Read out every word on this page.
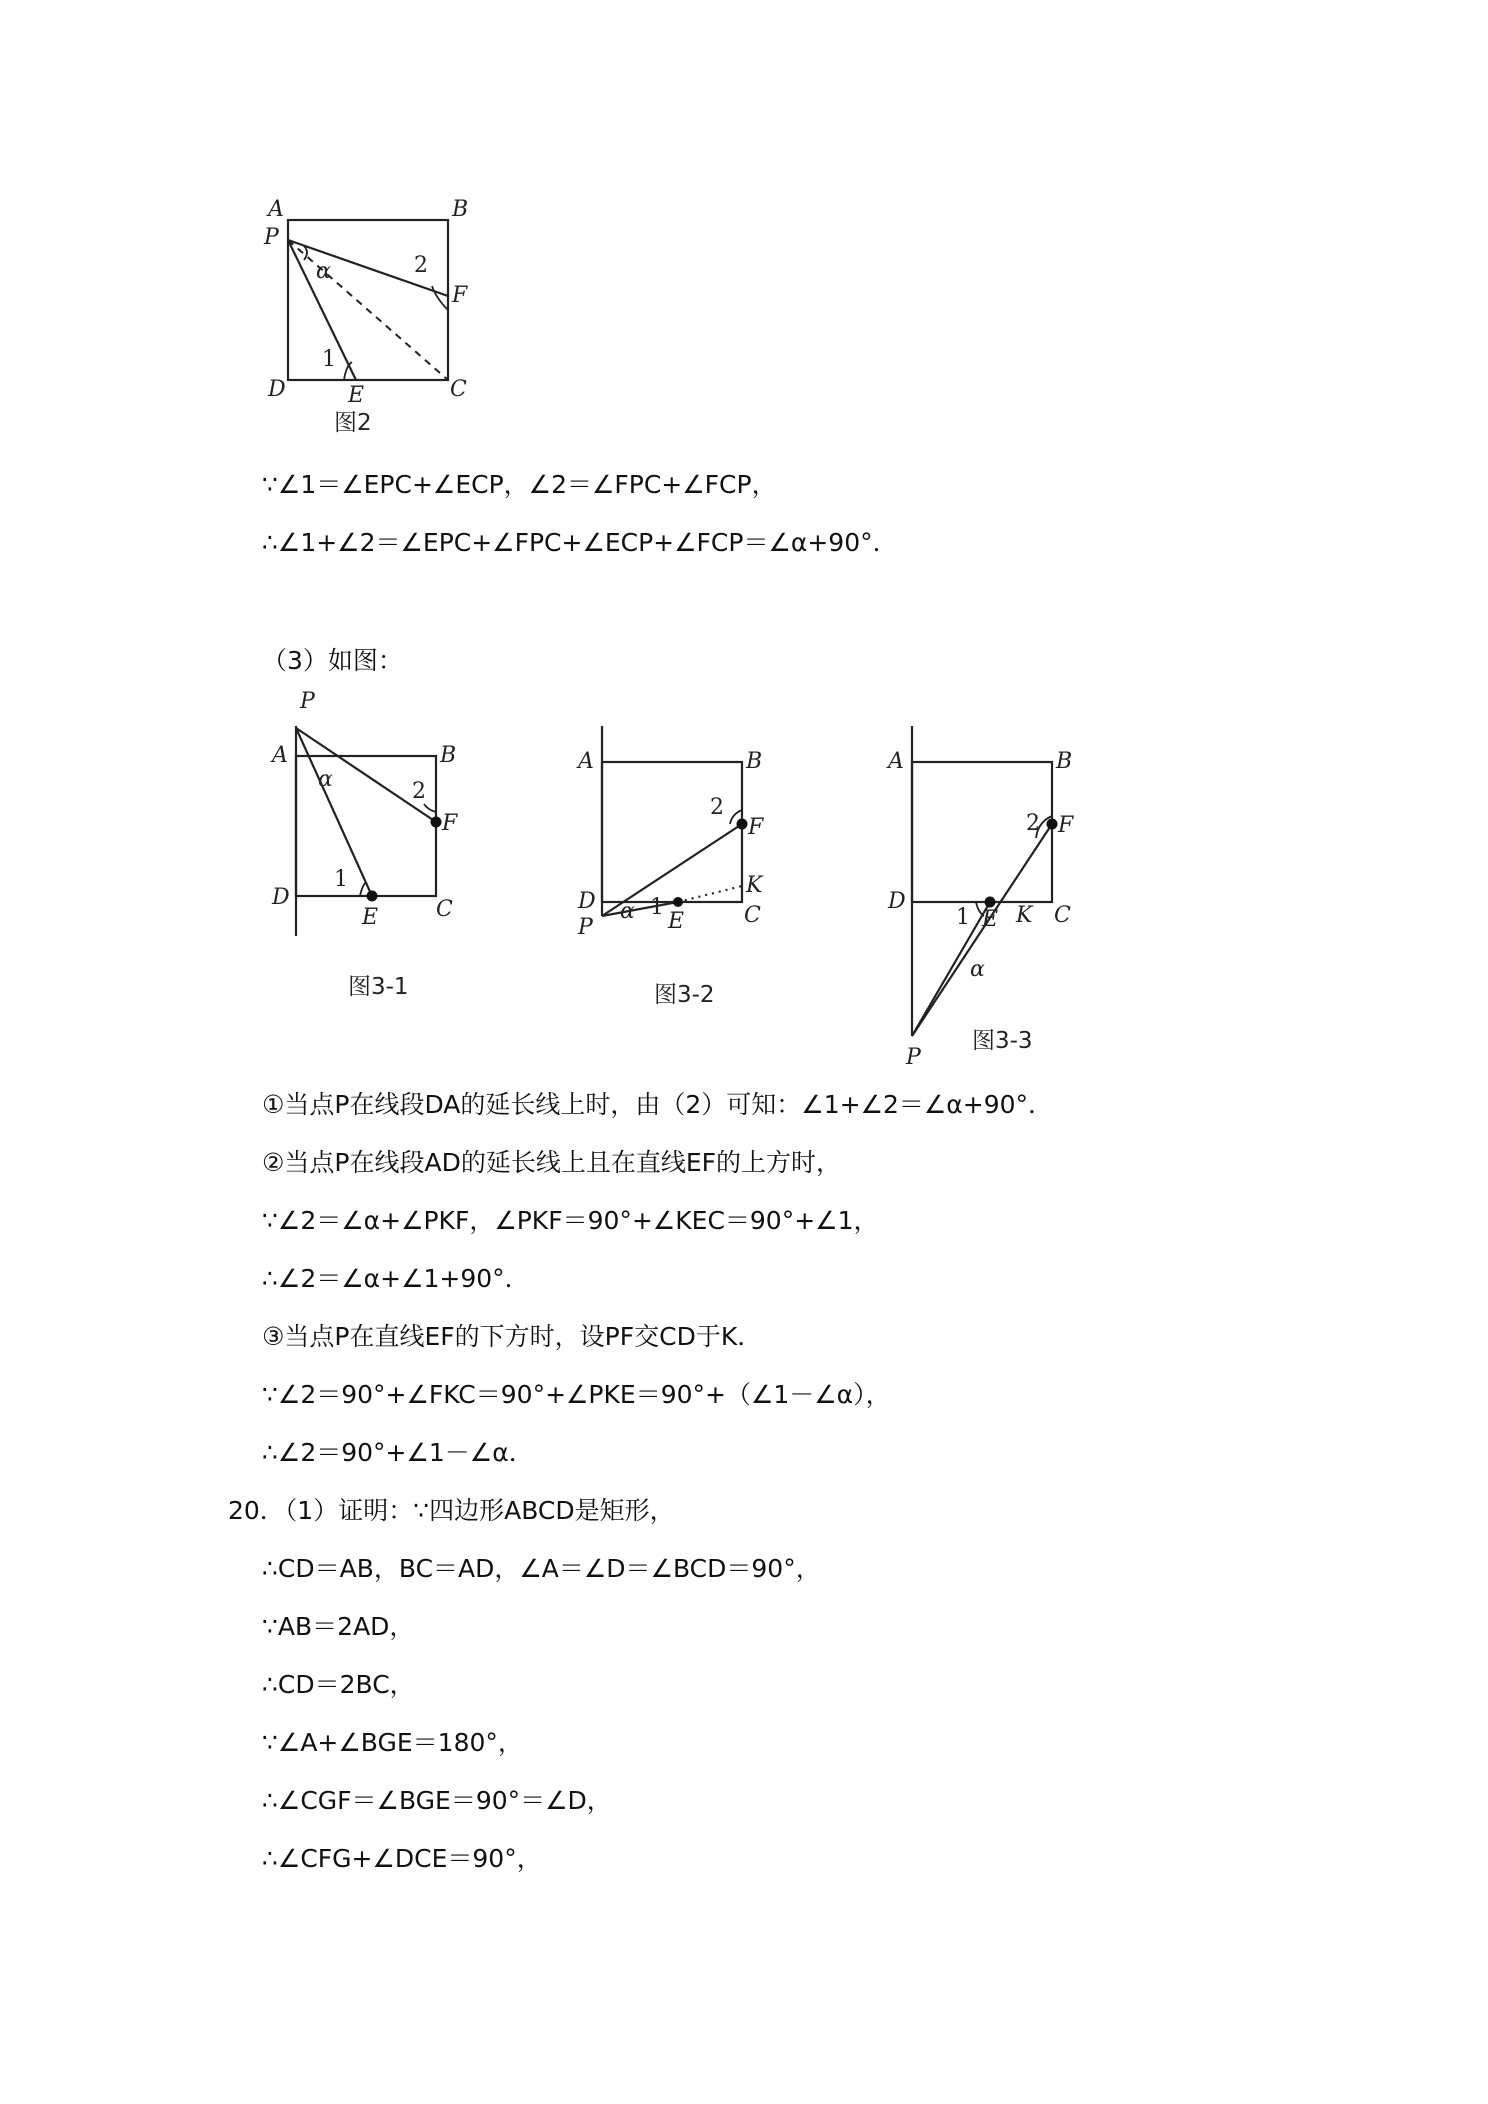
A	B
P
F
D	E	C
α
1
2
图2
∵∠1＝∠EPC+∠ECP，∠2＝∠FPC+∠FCP，
∴∠1+∠2＝∠EPC+∠FPC+∠ECP+∠FCP＝∠α+90°．
（3）如图：
P
A	B
α	2
F
D
1
E	C
图3-1
A	B
2
F
K
D
P
α 1
E	C
图3-2
A	B
2 F
D
1 E K C
α
P
图3-3
①当点P在线段DA的延长线上时，由（2）可知：∠1+∠2＝∠α+90°．
②当点P在线段AD的延长线上且在直线EF的上方时，
∵∠2＝∠α+∠PKF，∠PKF＝90°+∠KEC＝90°+∠1，
∴∠2＝∠α+∠1+90°．
③当点P在直线EF的下方时，设PF交CD于K．
∵∠2＝90°+∠FKC＝90°+∠PKE＝90°+（∠1－∠α），
∴∠2＝90°+∠1－∠α．
20．（1）证明：∵四边形ABCD是矩形，
∴CD＝AB，BC＝AD，∠A＝∠D＝∠BCD＝90°，
∵AB＝2AD，
∴CD＝2BC，
∵∠A+∠BGE＝180°，
∴∠CGF＝∠BGE＝90°＝∠D，
∴∠CFG+∠DCE＝90°，
